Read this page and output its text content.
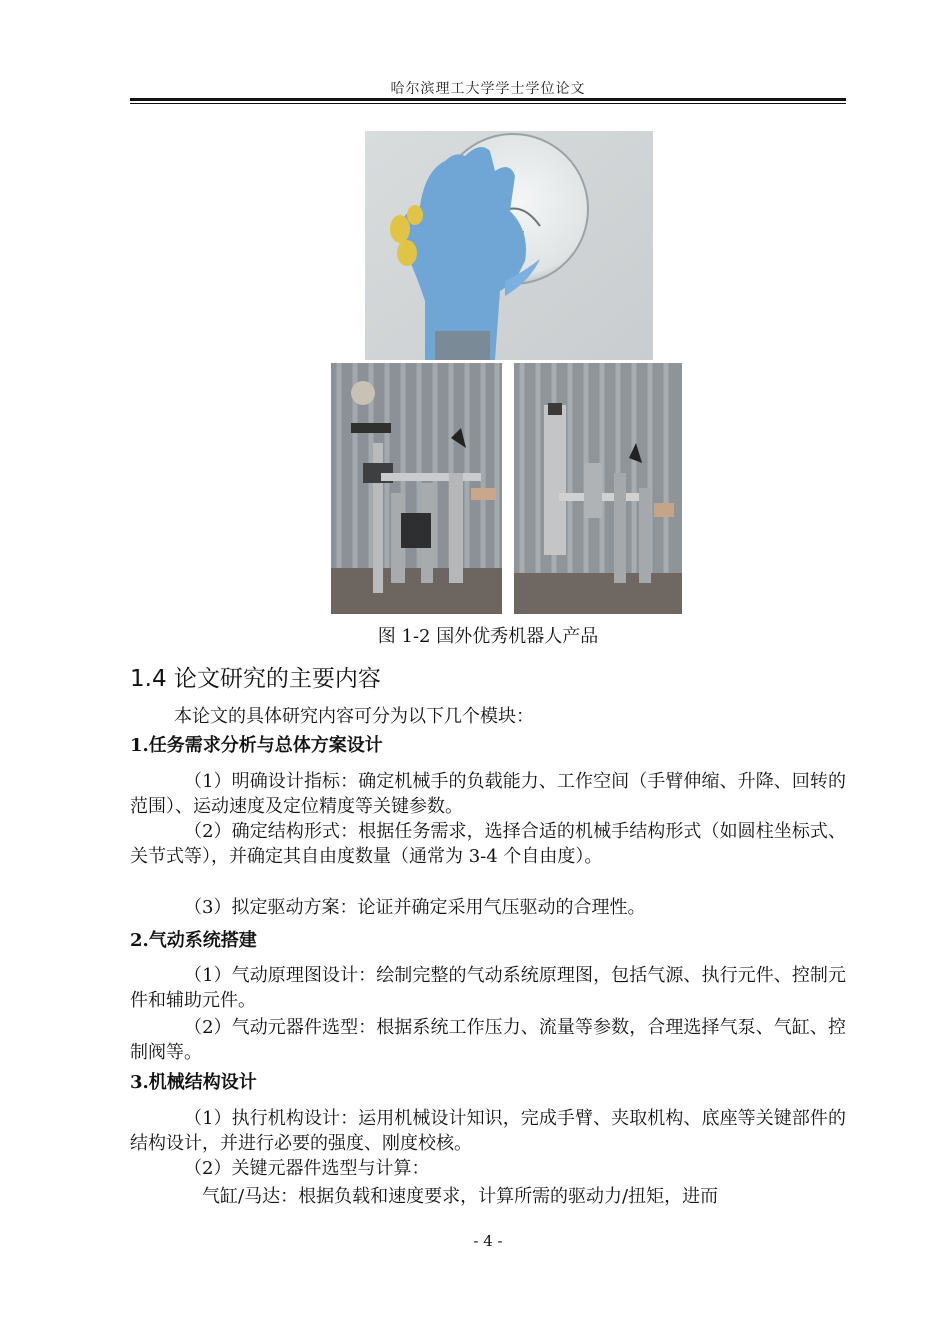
哈尔滨理工大学学士学位论文
图 1-2 国外优秀机器人产品
1.4 论文研究的主要内容

本论文的具体研究内容可分为以下几个模块：

1.任务需求分析与总体方案设计

（1）明确设计指标：确定机械手的负载能力、工作空间（手臂伸缩、升降、回转的范围）、运动速度及定位精度等关键参数。

（2）确定结构形式：根据任务需求，选择合适的机械手结构形式（如圆柱坐标式、关节式等），并确定其自由度数量（通常为 3-4 个自由度）。

（3）拟定驱动方案：论证并确定采用气压驱动的合理性。

2.气动系统搭建

（1）气动原理图设计：绘制完整的气动系统原理图，包括气源、执行元件、控制元件和辅助元件。

（2）气动元器件选型：根据系统工作压力、流量等参数，合理选择气泵、气缸、控制阀等。

3.机械结构设计

（1）执行机构设计：运用机械设计知识，完成手臂、夹取机构、底座等关键部件的结构设计，并进行必要的强度、刚度校核。

（2）关键元器件选型与计算：

气缸/马达：根据负载和速度要求，计算所需的驱动力/扭矩，进而

- 4 -
